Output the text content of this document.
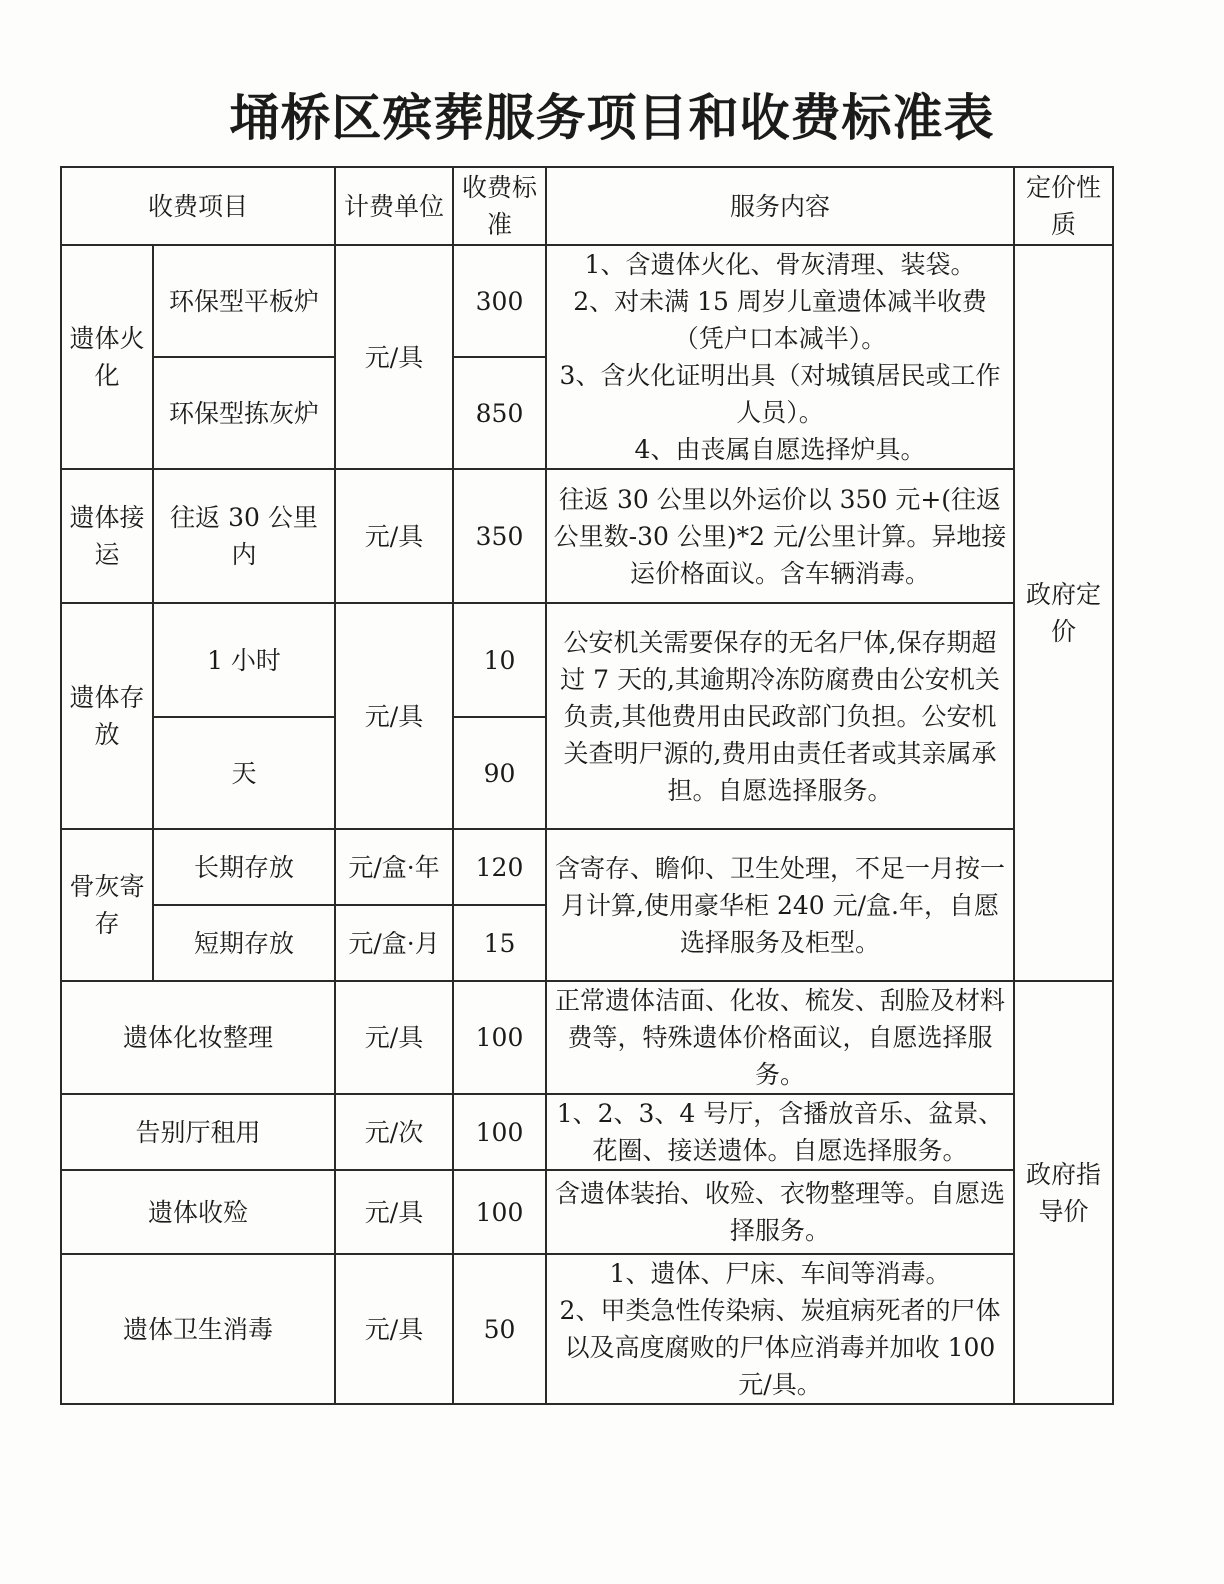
埇桥区殡葬服务项目和收费标准表
收费项目		计费单位	收费标准	服务内容	定价性质
遗体火化	环保型平板炉	元/具	300	1、含遗体火化、骨灰清理、装袋。
2、对未满 15 周岁儿童遗体减半收费（凭户口本减半）。
3、含火化证明出具（对城镇居民或工作人员）。
4、由丧属自愿选择炉具。	政府定价
	环保型拣灰炉		850		
遗体接运	往返 30 公里内	元/具	350	往返 30 公里以外运价以 350 元+(往返公里数-30 公里)*2 元/公里计算。异地接运价格面议。含车辆消毒。	
遗体存放	1 小时	元/具	10	公安机关需要保存的无名尸体,保存期超过 7 天的,其逾期冷冻防腐费由公安机关负责,其他费用由民政部门负担。公安机关查明尸源的,费用由责任者或其亲属承担。自愿选择服务。	
	天		90		
骨灰寄存	长期存放	元/盒·年	120	含寄存、瞻仰、卫生处理，不足一月按一月计算,使用豪华柜 240 元/盒.年，自愿选择服务及柜型。	
	短期存放	元/盒·月	15		
遗体化妆整理		元/具	100	正常遗体洁面、化妆、梳发、刮脸及材料费等，特殊遗体价格面议，自愿选择服务。	政府指导价
告别厅租用		元/次	100	1、2、3、4 号厅，含播放音乐、盆景、花圈、接送遗体。自愿选择服务。	
遗体收殓		元/具	100	含遗体装抬、收殓、衣物整理等。自愿选择服务。	
遗体卫生消毒		元/具	50	1、遗体、尸床、车间等消毒。
2、甲类急性传染病、炭疽病死者的尸体以及高度腐败的尸体应消毒并加收 100 元/具。	
